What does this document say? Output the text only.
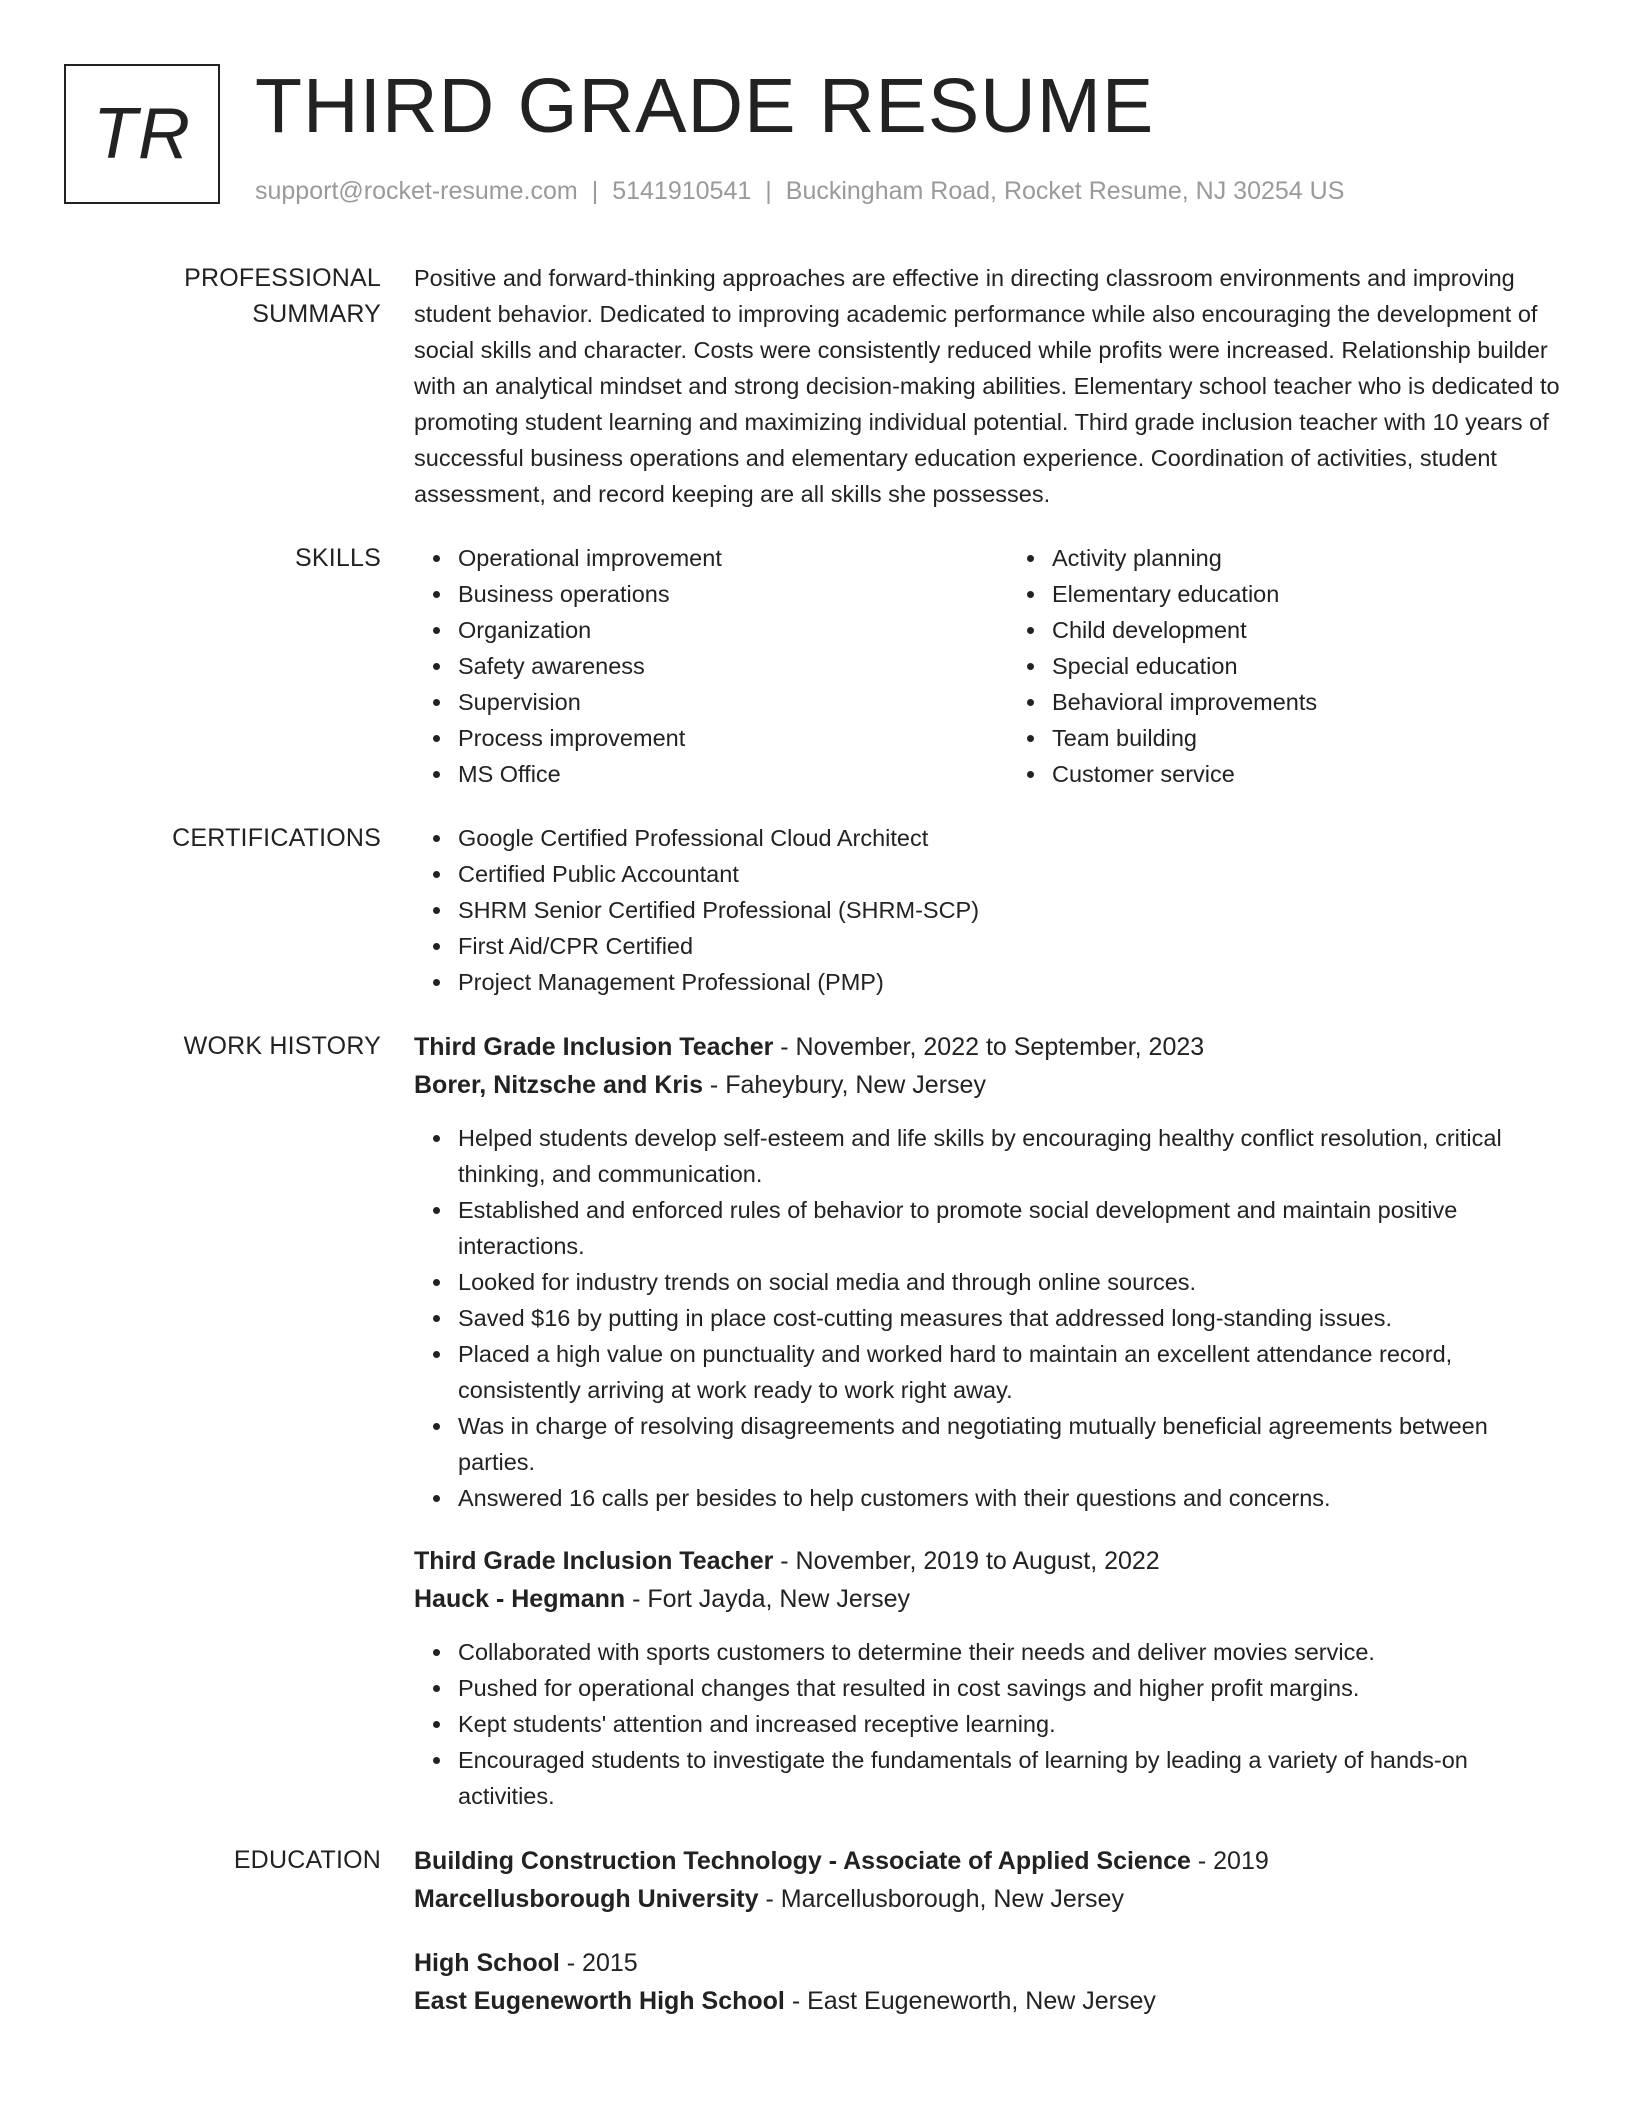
TR THIRD GRADE RESUME
support@rocket-resume.com | 5141910541 | Buckingham Road, Rocket Resume, NJ 30254 US
PROFESSIONAL SUMMARY

Positive and forward-thinking approaches are effective in directing classroom environments and improving student behavior. Dedicated to improving academic performance while also encouraging the development of social skills and character. Costs were consistently reduced while profits were increased. Relationship builder with an analytical mindset and strong decision-making abilities. Elementary school teacher who is dedicated to promoting student learning and maximizing individual potential. Third grade inclusion teacher with 10 years of successful business operations and elementary education experience. Coordination of activities, student assessment, and record keeping are all skills she possesses.

SKILLS	Operational improvement
Business operations
Organization
Safety awareness
Supervision
Process improvement
MS Office
Activity planning
Elementary education
Child development
Special education
Behavioral improvements
Team building
Customer service
CERTIFICATIONS	Google Certified Professional Cloud Architect
Certified Public Accountant
SHRM Senior Certified Professional (SHRM-SCP)
First Aid/CPR Certified
Project Management Professional (PMP)
WORK HISTORY	Third Grade Inclusion Teacher - November, 2022 to September, 2023
Borer, Nitzsche and Kris - Faheybury, New Jersey
Helped students develop self-esteem and life skills by encouraging healthy conflict resolution, critical thinking, and communication.
Established and enforced rules of behavior to promote social development and maintain positive interactions.
Looked for industry trends on social media and through online sources.
Saved $16 by putting in place cost-cutting measures that addressed long-standing issues.
Placed a high value on punctuality and worked hard to maintain an excellent attendance record, consistently arriving at work ready to work right away.
Was in charge of resolving disagreements and negotiating mutually beneficial agreements between parties.
Answered 16 calls per besides to help customers with their questions and concerns.
Third Grade Inclusion Teacher - November, 2019 to August, 2022
Hauck - Hegmann - Fort Jayda, New Jersey
Collaborated with sports customers to determine their needs and deliver movies service.
Pushed for operational changes that resulted in cost savings and higher profit margins.
Kept students' attention and increased receptive learning.
Encouraged students to investigate the fundamentals of learning by leading a variety of hands-on activities.
EDUCATION	Building Construction Technology - Associate of Applied Science - 2019
Marcellusborough University - Marcellusborough, New Jersey
High School - 2015
East Eugeneworth High School - East Eugeneworth, New Jersey
